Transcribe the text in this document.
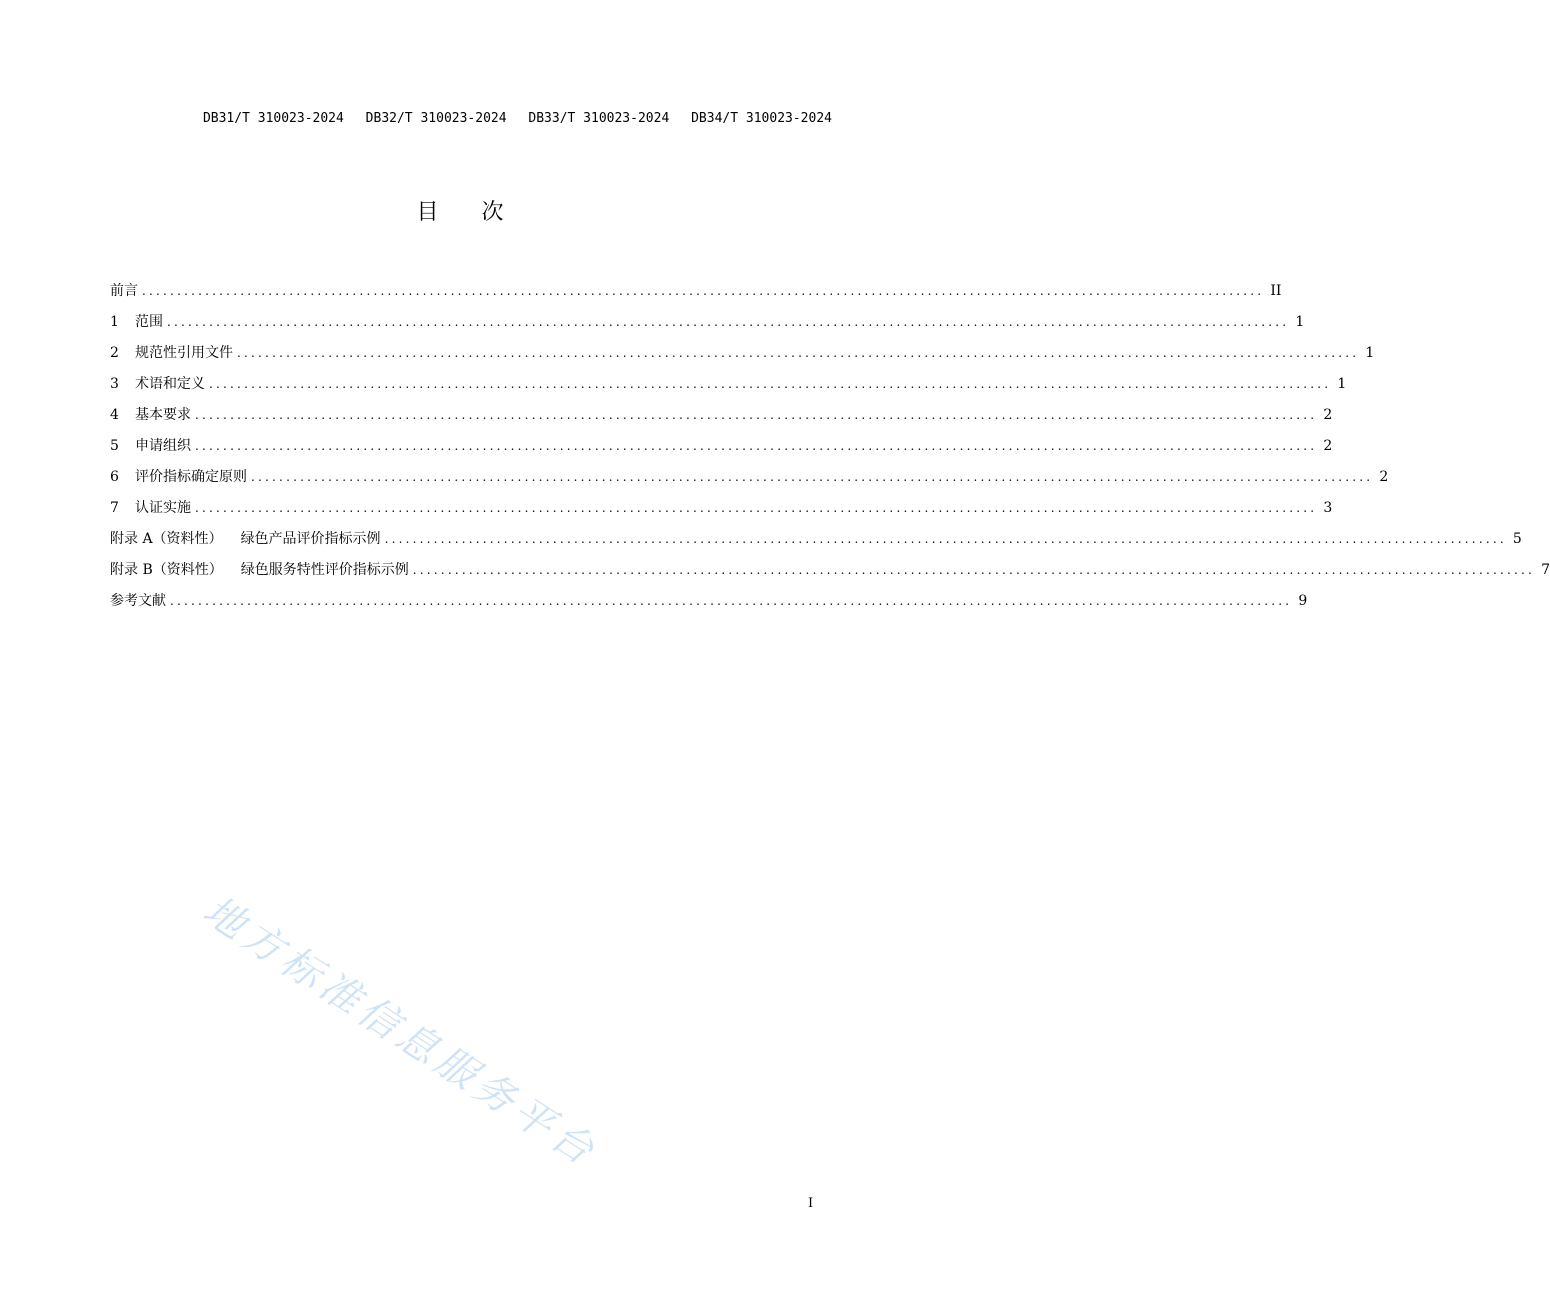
DB31/T 310023-2024 DB32/T 310023-2024 DB33/T 310023-2024 DB34/T 310023-2024
目 次
前言 ................................................................................................................................................................ II
1	范围 ................................................................................................................................................................ 1
2	规范性引用文件 ................................................................................................................................................................ 1
3	术语和定义 ................................................................................................................................................................ 1
4	基本要求 ................................................................................................................................................................ 2
5	申请组织 ................................................................................................................................................................ 2
6	评价指标确定原则 ................................................................................................................................................................ 2
7	认证实施 ................................................................................................................................................................ 3
附录 A（资料性） 绿色产品评价指标示例 ................................................................................................................................................................ 5
附录 B（资料性） 绿色服务特性评价指标示例 ................................................................................................................................................................ 7
参考文献 ................................................................................................................................................................ 9
地方标准信息服务平台
I
